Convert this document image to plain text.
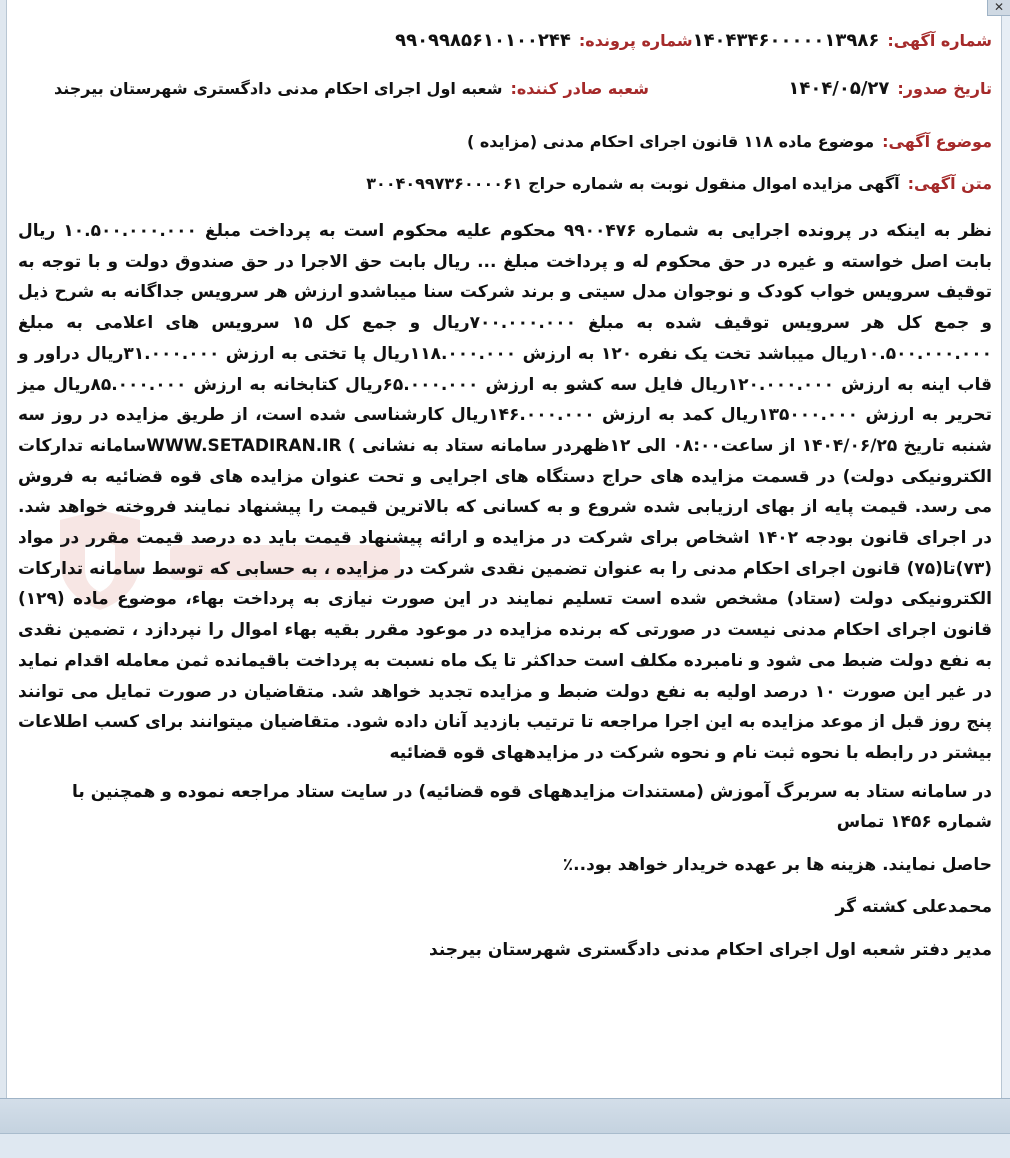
✕
شماره آگهی:
۱۴۰۴۳۴۶۰۰۰۰۰۱۳۹۸۶
شماره پرونده:
۹۹۰۹۹۸۵۶۱۰۱۰۰۲۴۴
تاریخ صدور:
۱۴۰۴/۰۵/۲۷
شعبه صادر کننده:
شعبه اول اجرای احکام مدنی دادگستری شهرستان بیرجند
موضوع آگهی:
موضوع ماده ۱۱۸ قانون اجرای احکام مدنی (مزایده )
متن آگهی:
آگهی مزایده اموال منقول نوبت به شماره حراج ۳۰۰۴۰۹۹۷۳۶۰۰۰۰۶۱

نظر به اینکه در پرونده اجرایی به شماره ۹۹۰۰۴۷۶ محکوم علیه محکوم است به پرداخت مبلغ ۱۰.۵۰۰.۰۰۰.۰۰۰ ریال بابت اصل خواسته و غیره در حق محکوم له و پرداخت مبلغ ... ریال بابت حق الاجرا در حق صندوق دولت و با توجه به توقیف سرویس خواب کودک و نوجوان مدل سیتی و برند شرکت سنا میباشدو ارزش هر سرویس جداگانه به شرح ذیل و جمع کل هر سرویس توقیف شده به مبلغ ۷۰۰.۰۰۰.۰۰۰ریال و جمع کل ۱۵ سرویس های اعلامی به مبلغ ۱۰.۵۰۰.۰۰۰.۰۰۰ریال میباشد تخت یک نفره ۱۲۰ به ارزش ۱۱۸.۰۰۰.۰۰۰ریال پا تختی به ارزش ۳۱.۰۰۰.۰۰۰ریال دراور و قاب اینه به ارزش ۱۲۰.۰۰۰.۰۰۰ریال فایل سه کشو به ارزش ۶۵.۰۰۰.۰۰۰ریال کتابخانه به ارزش ۸۵.۰۰۰.۰۰۰ریال میز تحریر به ارزش ۱۳۵۰۰۰.۰۰۰ریال کمد به ارزش ۱۴۶.۰۰۰.۰۰۰ریال کارشناسی شده است، از طریق مزایده در روز سه شنبه تاریخ ۱۴۰۴/۰۶/۲۵ از ساعت۰۸:۰۰ الی ۱۲ظهردر سامانه ستاد به نشانی ) WWW.SETADIRAN.IRسامانه تدارکات الکترونیکی دولت) در قسمت مزایده های حراج دستگاه های اجرایی و تحت عنوان مزایده های قوه قضائیه به فروش می رسد. قیمت پایه از بهای ارزیابی شده شروع و به کسانی که بالاترین قیمت را پیشنهاد نمایند فروخته خواهد شد. در اجرای قانون بودجه ۱۴۰۲ اشخاص برای شرکت در مزایده و ارائه پیشنهاد قیمت باید ده درصد قیمت مقرر در مواد (۷۳)تا(۷۵) قانون اجرای احکام مدنی را به عنوان تضمین نقدی شرکت در مزایده ، به حسابی که توسط سامانه تدارکات الکترونیکی دولت (ستاد) مشخص شده است تسلیم نمایند در این صورت نیازی به پرداخت بهاء، موضوع ماده (۱۲۹) قانون اجرای احکام مدنی نیست در صورتی که برنده مزایده در موعود مقرر بقیه بهاء اموال را نپردازد ، تضمین نقدی به نفع دولت ضبط می شود و نامبرده مکلف است حداکثر تا یک ماه نسبت به پرداخت باقیمانده ثمن معامله اقدام نماید در غیر این صورت ۱۰ درصد اولیه به نفع دولت ضبط و مزایده تجدید خواهد شد. متقاضیان در صورت تمایل می توانند پنج روز قبل از موعد مزایده به این اجرا مراجعه تا ترتیب بازدید آنان داده شود. متقاضیان میتوانند برای کسب اطلاعات بیشتر در رابطه با نحوه ثبت نام و نحوه شرکت در مزایدههای قوه قضائیه

در سامانه ستاد به سربرگ آموزش (مستندات مزایدههای قوه قضائیه) در سایت ستاد مراجعه نموده و همچنین با شماره ۱۴۵۶ تماس

حاصل نمایند. هزینه ها بر عهده خریدار خواهد بود..٪

محمدعلی کشته گر

مدیر دفتر شعبه اول اجرای احکام مدنی دادگستری شهرستان بیرجند
